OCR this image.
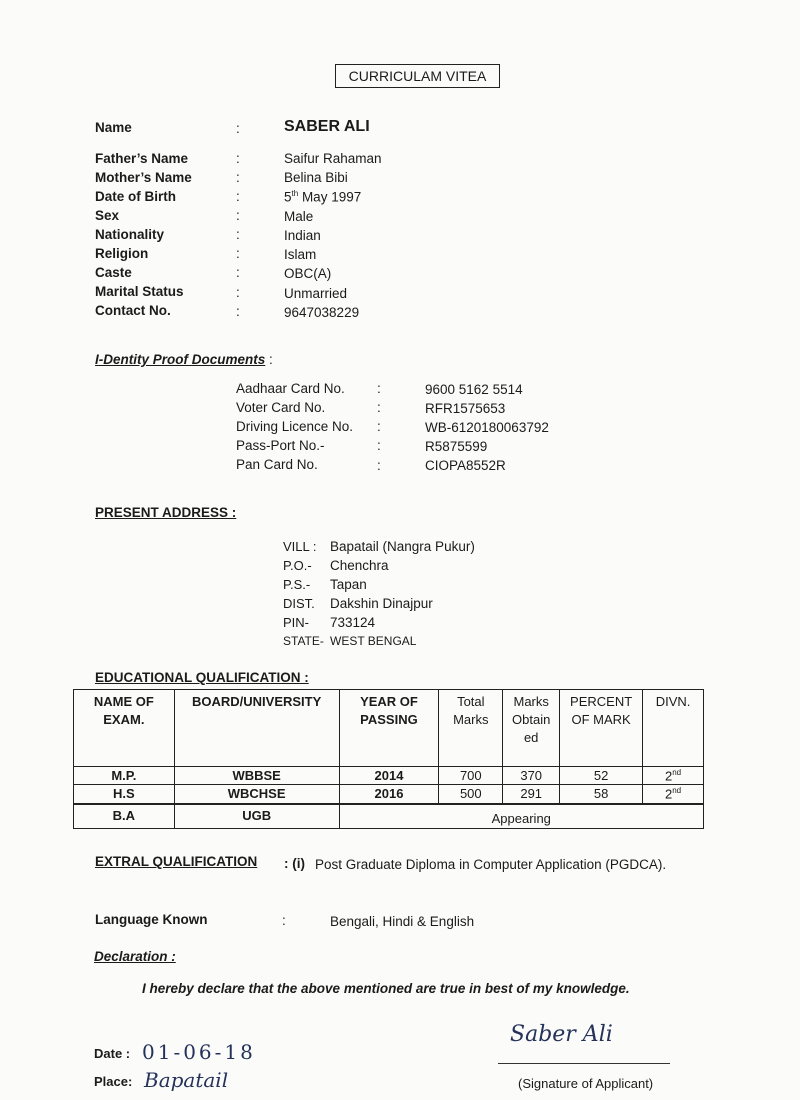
CURRICULAM VITEA
Name	:	SABER ALI
Father’s Name	:	Saifur Rahaman
Mother’s Name	:	Belina Bibi
Date of Birth	:	5th May 1997
Sex	:	Male
Nationality	:	Indian
Religion	:	Islam
Caste	:	OBC(A)
Marital Status	:	Unmarried
Contact No.	:	9647038229
I-Dentity Proof Documents :
Aadhaar Card No. :	9600 5162 5514
Voter Card No.	:	RFR1575653
Driving Licence No. :	WB-6120180063792
Pass-Port No.-	:	R5875599
Pan Card No.	:	CIOPA8552R
PRESENT ADDRESS :
VILL : Bapatail (Nangra Pukur)
P.O.- Chenchra
P.S.- Tapan
DIST. Dakshin Dinajpur
PIN- 733124
STATE- WEST BENGAL
EDUCATIONAL QUALIFICATION :
NAME OF EXAM.	BOARD/UNIVERSITY	YEAR OF PASSING	Total Marks	Marks Obtain ed	PERCENT OF MARK	DIVN.
M.P.	WBBSE	2014	700	370	52	2nd
H.S	WBCHSE	2016	500	291	58	2nd
B.A	UGB	Appearing				
EXTRAL QUALIFICATION : (i) Post Graduate Diploma in Computer Application (PGDCA).
Language Known	:	Bengali, Hindi & English
Declaration :
I hereby declare that the above mentioned are true in best of my knowledge.
Date : 01-06-18
Place: Bapatail
Saber Ali
(Signature of Applicant)
